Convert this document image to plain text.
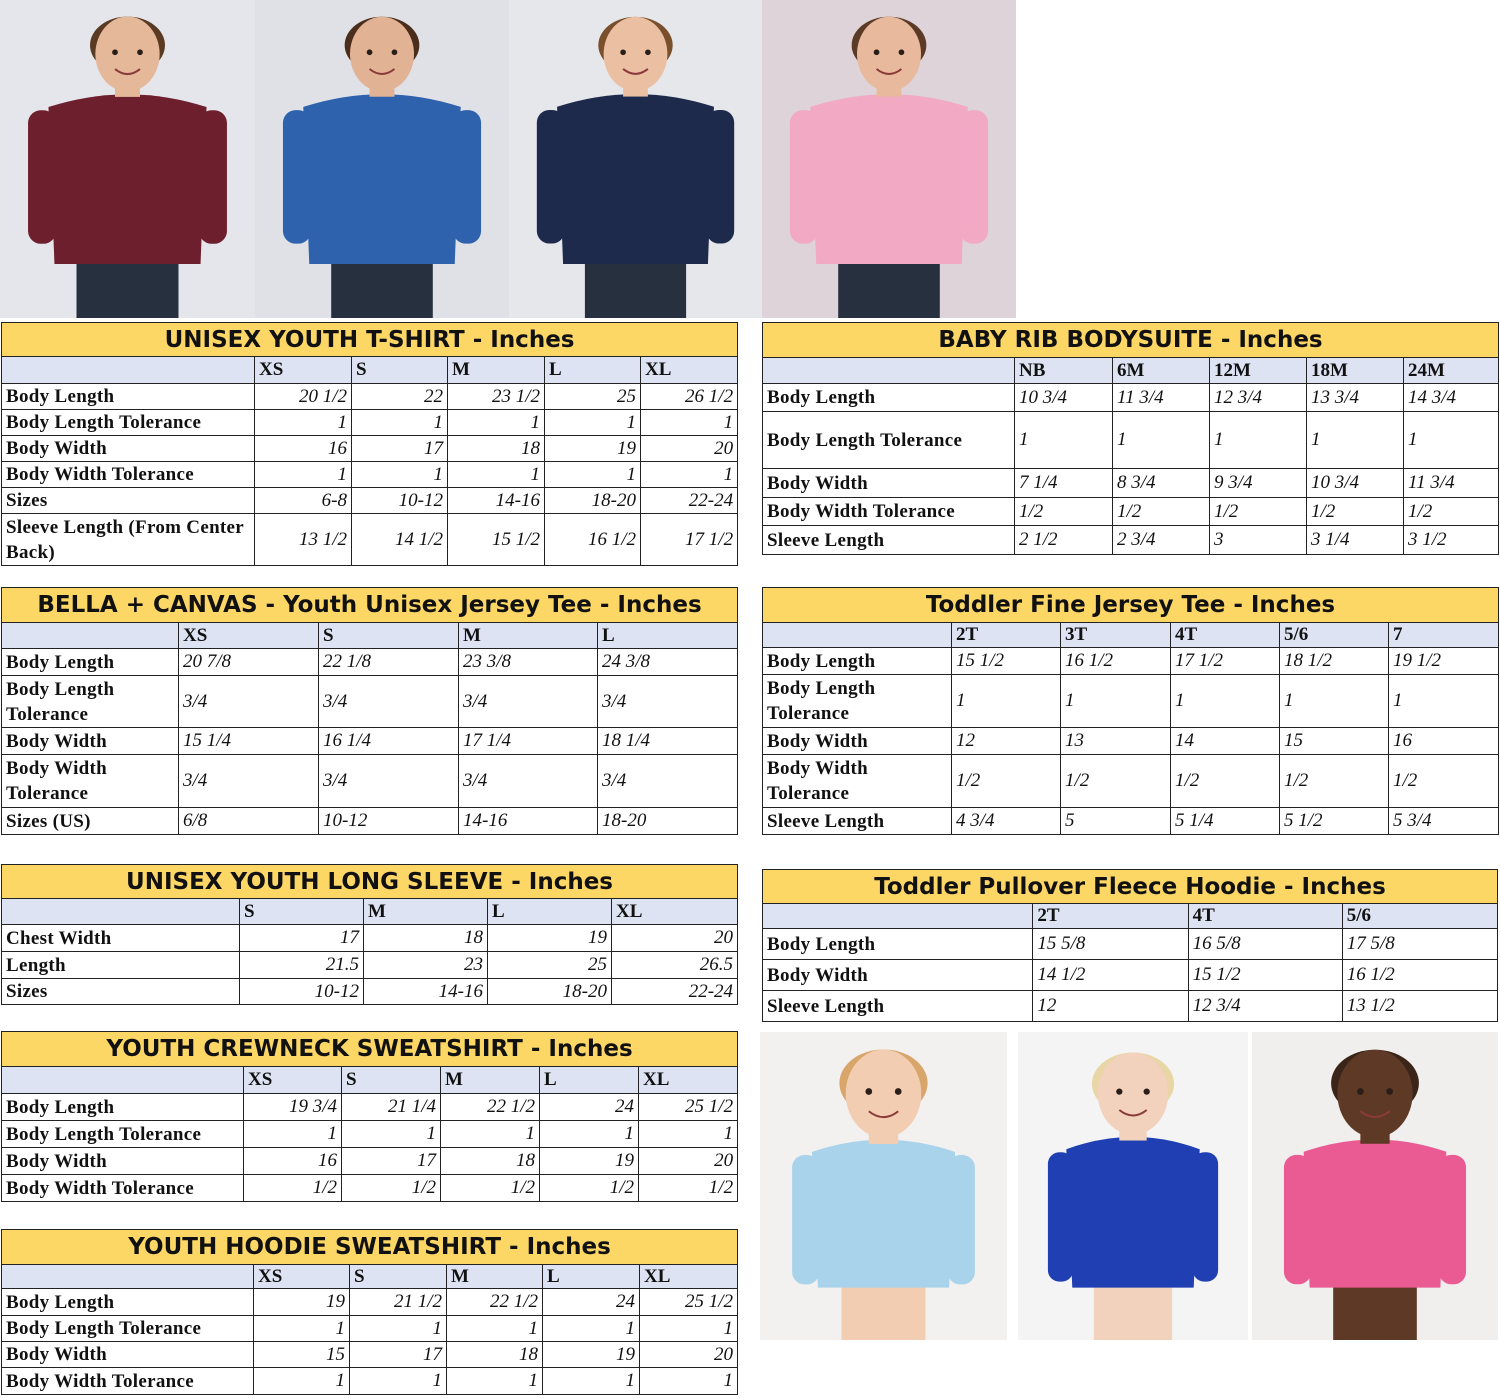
UNISEX YOUTH T-SHIRT - Inches					
	XS	S	M	L	XL
Body Length	20 1/2	22	23 1/2	25	26 1/2
Body Length Tolerance	1	1	1	1	1
Body Width	16	17	18	19	20
Body Width Tolerance	1	1	1	1	1
Sizes	6-8	10-12	14-16	18-20	22-24
Sleeve Length (From Center Back)	13 1/2	14 1/2	15 1/2	16 1/2	17 1/2
BELLA + CANVAS - Youth Unisex Jersey Tee - Inches				
	XS	S	M	L
Body Length	20 7/8	22 1/8	23 3/8	24 3/8
Body Length Tolerance	3/4	3/4	3/4	3/4
Body Width	15 1/4	16 1/4	17 1/4	18 1/4
Body Width Tolerance	3/4	3/4	3/4	3/4
Sizes (US)	6/8	10-12	14-16	18-20
UNISEX YOUTH LONG SLEEVE - Inches				
	S	M	L	XL
Chest Width	17	18	19	20
Length	21.5	23	25	26.5
Sizes	10-12	14-16	18-20	22-24
YOUTH CREWNECK SWEATSHIRT - Inches					
	XS	S	M	L	XL
Body Length	19 3/4	21 1/4	22 1/2	24	25 1/2
Body Length Tolerance	1	1	1	1	1
Body Width	16	17	18	19	20
Body Width Tolerance	1/2	1/2	1/2	1/2	1/2
YOUTH HOODIE SWEATSHIRT - Inches					
	XS	S	M	L	XL
Body Length	19	21 1/2	22 1/2	24	25 1/2
Body Length Tolerance	1	1	1	1	1
Body Width	15	17	18	19	20
Body Width Tolerance	1	1	1	1	1
BABY RIB BODYSUITE - Inches					
	NB	6M	12M	18M	24M
Body Length	10 3/4	11 3/4	12 3/4	13 3/4	14 3/4
Body Length Tolerance	1	1	1	1	1
Body Width	7 1/4	8 3/4	9 3/4	10 3/4	11 3/4
Body Width Tolerance	1/2	1/2	1/2	1/2	1/2
Sleeve Length	2 1/2	2 3/4	3	3 1/4	3 1/2
Toddler Fine Jersey Tee - Inches					
	2T	3T	4T	5/6	7
Body Length	15 1/2	16 1/2	17 1/2	18 1/2	19 1/2
Body Length Tolerance	1	1	1	1	1
Body Width	12	13	14	15	16
Body Width Tolerance	1/2	1/2	1/2	1/2	1/2
Sleeve Length	4 3/4	5	5 1/4	5 1/2	5 3/4
Toddler Pullover Fleece Hoodie - Inches			
	2T	4T	5/6
Body Length	15 5/8	16 5/8	17 5/8
Body Width	14 1/2	15 1/2	16 1/2
Sleeve Length	12	12 3/4	13 1/2
